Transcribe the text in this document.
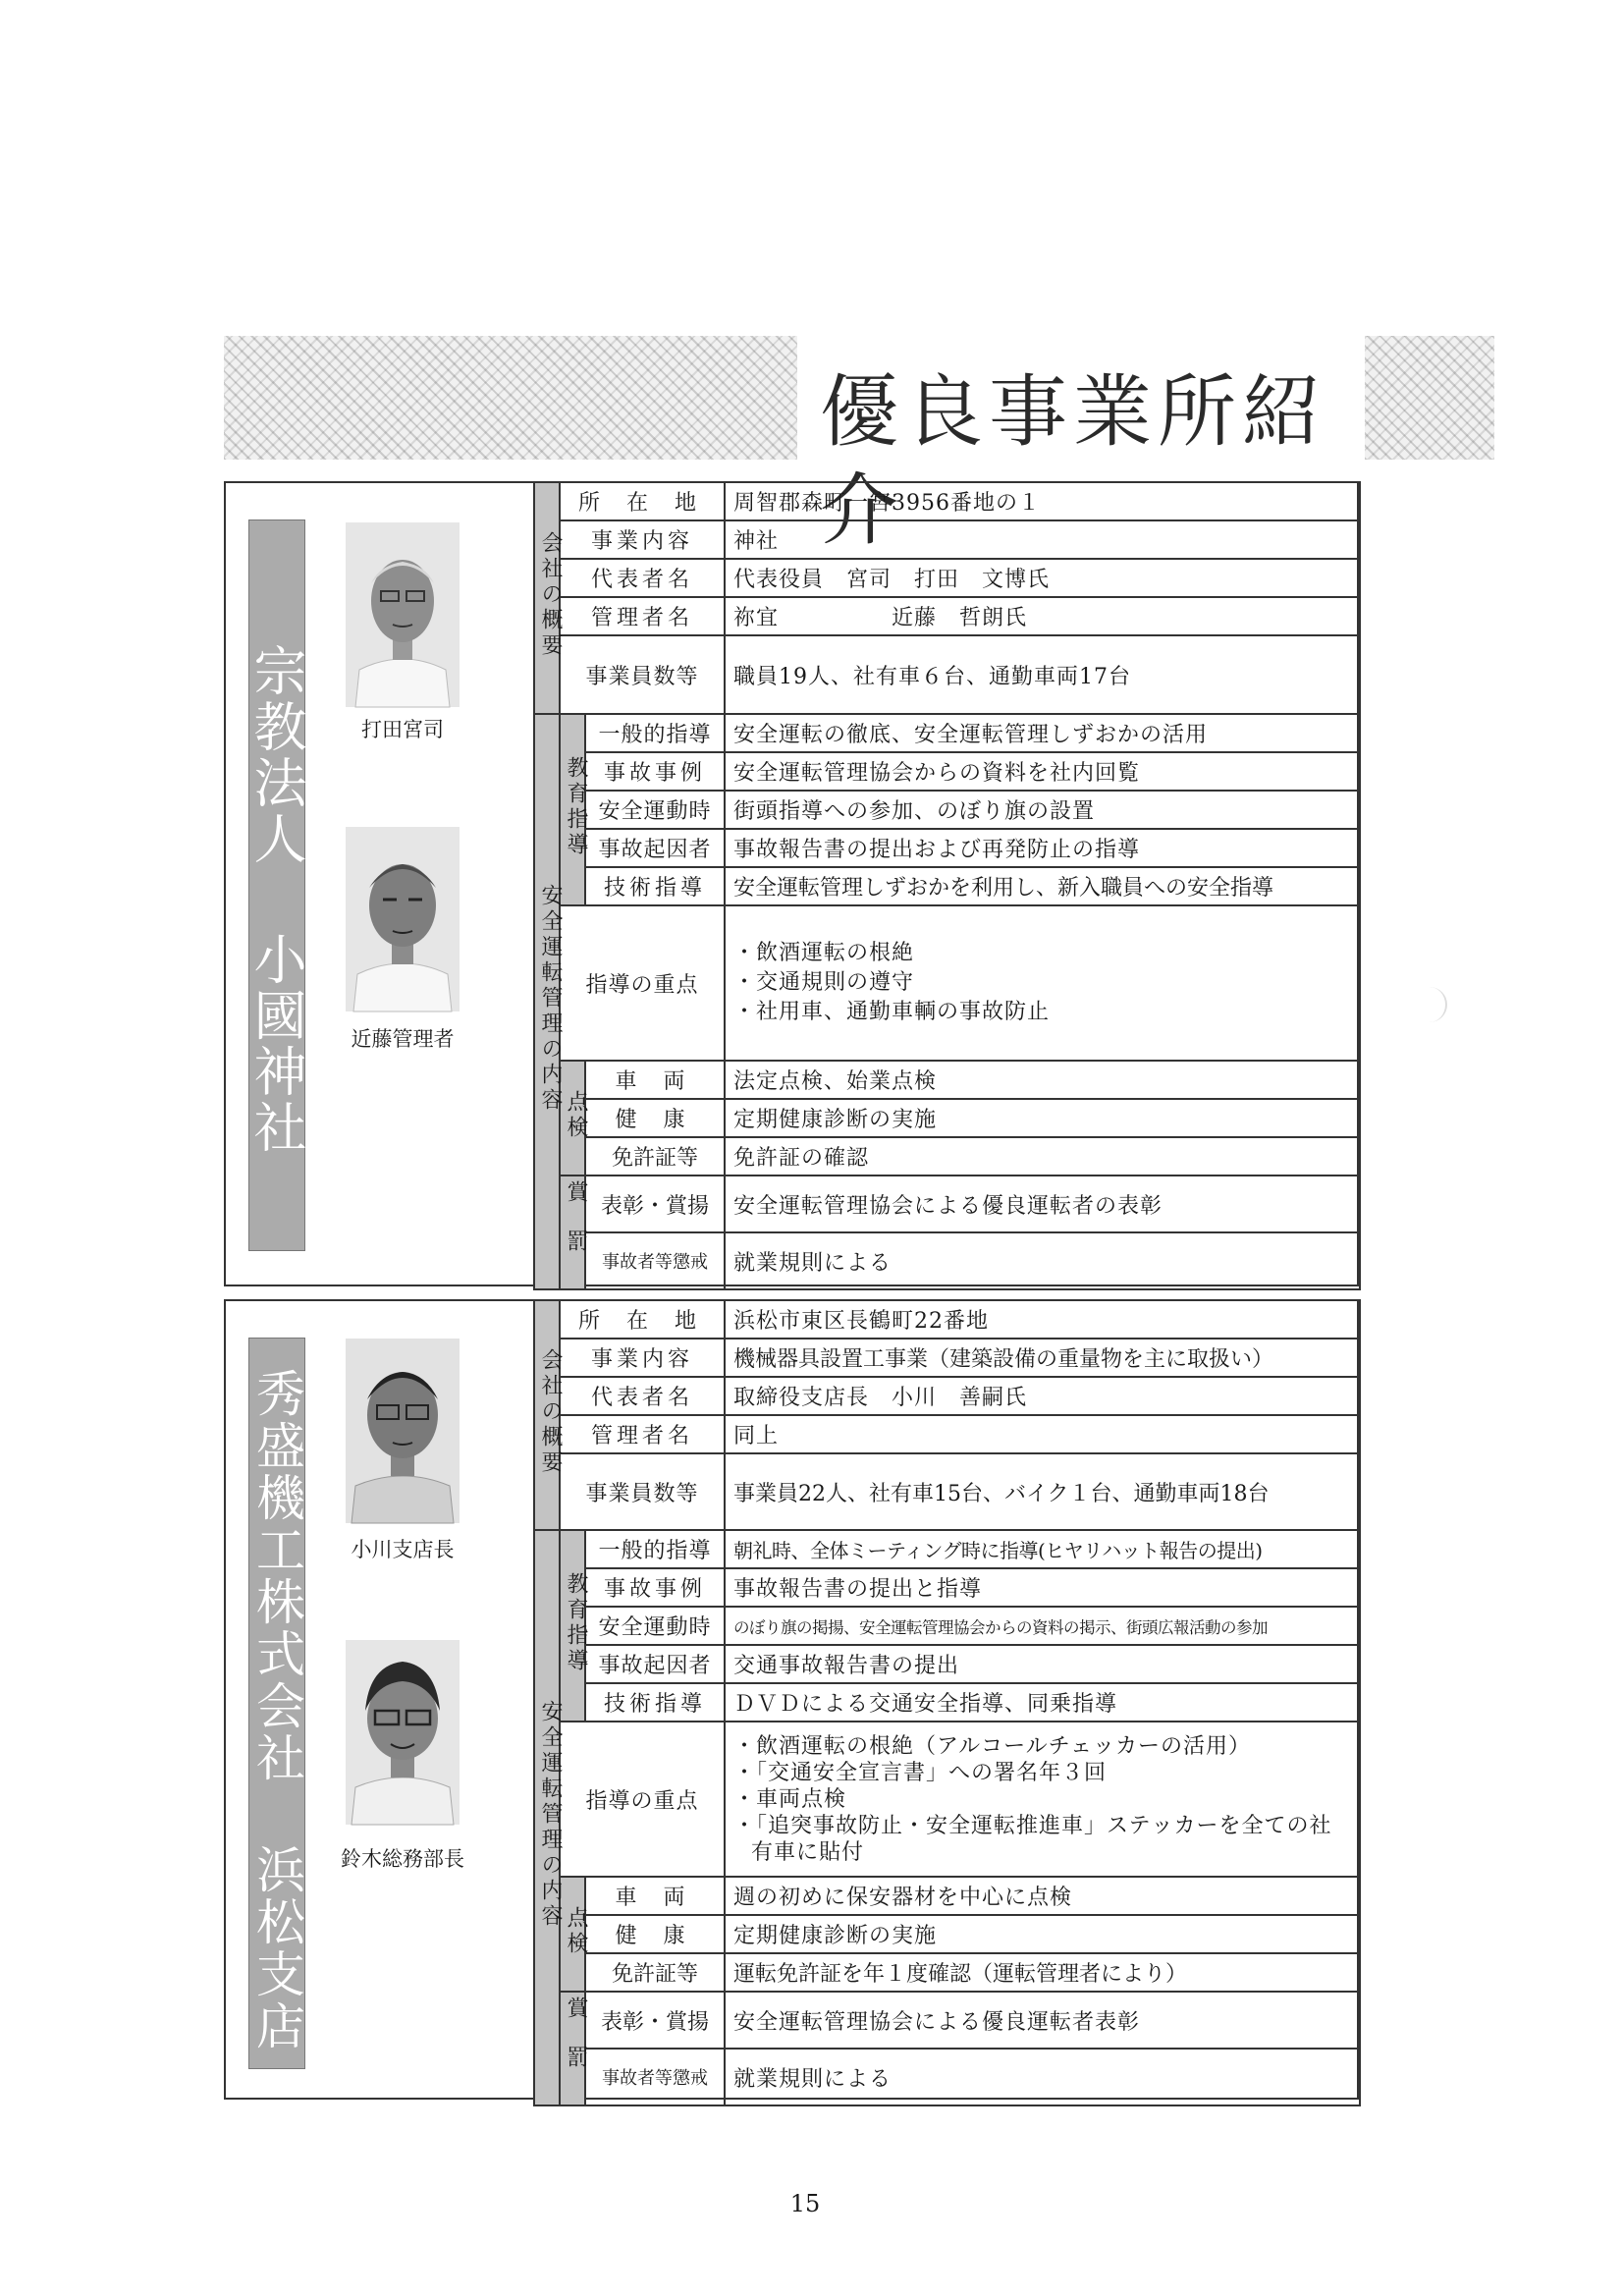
優良事業所紹介
宗教法人 小國神社	打田宮司
近藤管理者
会社の概要	所 在 地		周智郡森町一宮3956番地の１
	事業内容		神社
	代表者名		代表役員　宮司　打田　文博氏
	管理者名		祢宜　　　　　近藤　哲朗氏
	事業員数等		職員19人、社有車６台、通勤車両17台
安全運転管理の内容	教育指導	一般的指導	安全運転の徹底、安全運転管理しずおかの活用
		事故事例	安全運転管理協会からの資料を社内回覧
		安全運動時	街頭指導への参加、のぼり旗の設置
		事故起因者	事故報告書の提出および再発防止の指導
		技術指導	安全運転管理しずおかを利用し、新入職員への安全指導
	指導の重点		・飲酒運転の根絶
・交通規則の遵守
・社用車、通勤車輌の事故防止

	点検	車 両	法定点検、始業点検
		健 康	定期健康診断の実施
		免許証等	免許証の確認
	賞罰	表彰・賞揚	安全運転管理協会による優良運転者の表彰
		事故者等懲戒	就業規則による
秀盛機工株式会社 浜松支店	小川支店長
鈴木総務部長
会社の概要	所 在 地		浜松市東区長鶴町22番地
	事業内容		機械器具設置工事業（建築設備の重量物を主に取扱い）
	代表者名		取締役支店長　小川　善嗣氏
	管理者名		同上
	事業員数等		事業員22人、社有車15台、バイク１台、通勤車両18台
安全運転管理の内容	教育指導	一般的指導	朝礼時、全体ミーティング時に指導(ヒヤリハット報告の提出)
		事故事例	事故報告書の提出と指導
		安全運動時	のぼり旗の掲揚、安全運転管理協会からの資料の掲示、街頭広報活動の参加
		事故起因者	交通事故報告書の提出
		技術指導	ＤＶＤによる交通安全指導、同乗指導
	指導の重点		・飲酒運転の根絶（アルコールチェッカーの活用）
・「交通安全宣言書」への署名年３回
・車両点検
・「追突事故防止・安全運転推進車」ステッカーを全ての社有車に貼付

	点検	車 両	週の初めに保安器材を中心に点検
		健 康	定期健康診断の実施
		免許証等	運転免許証を年１度確認（運転管理者により）
	賞罰	表彰・賞揚	安全運転管理協会による優良運転者表彰
		事故者等懲戒	就業規則による
15
